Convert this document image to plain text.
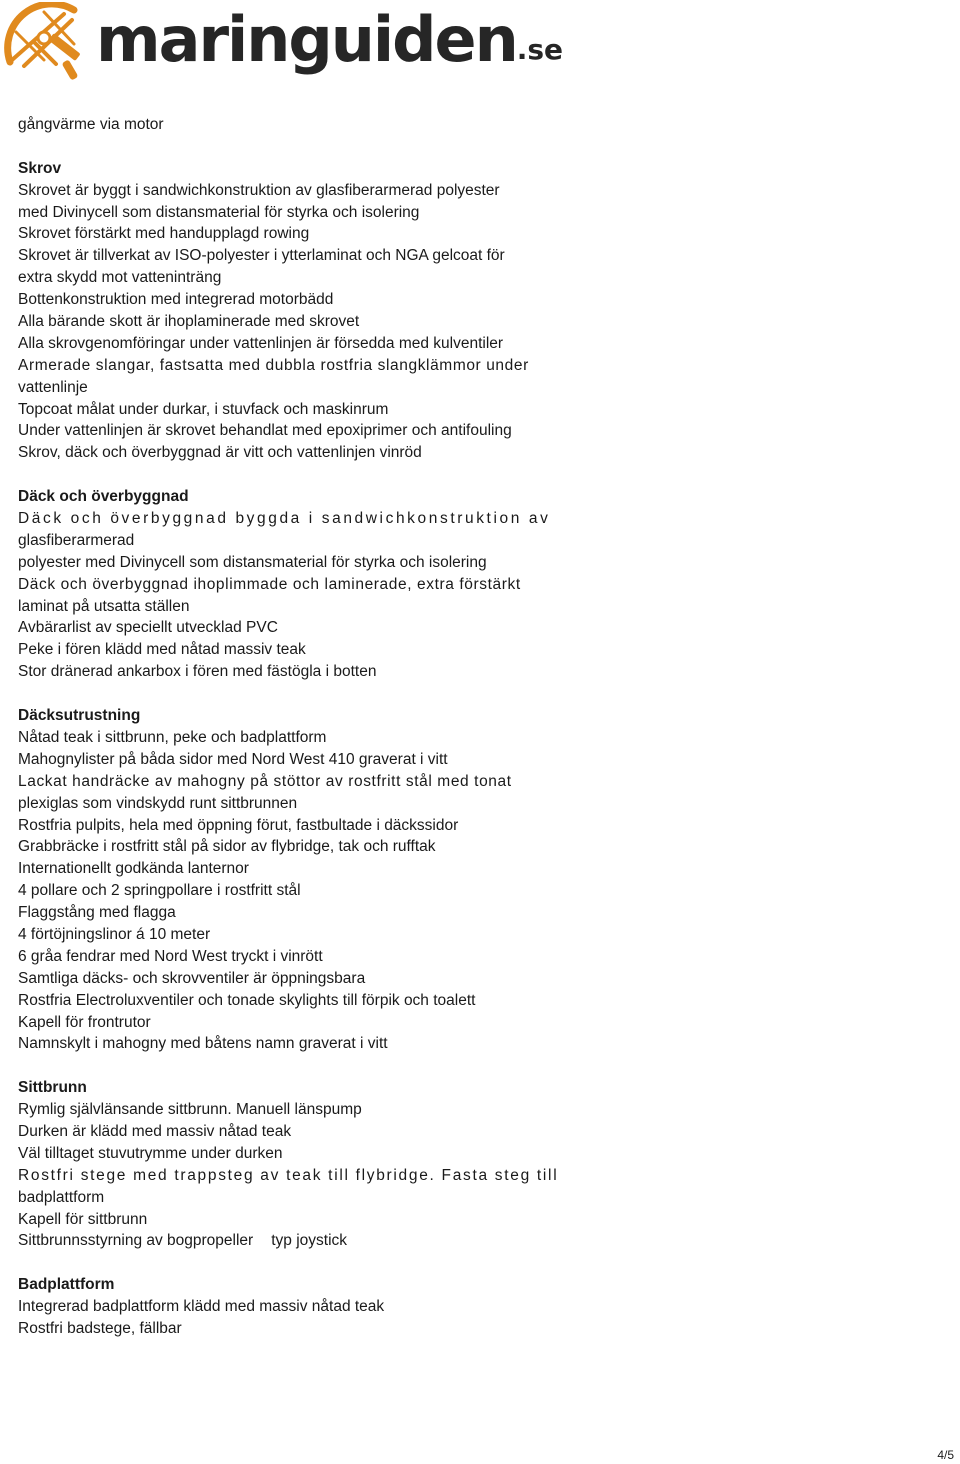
maringuiden.se
gångvärme via motor
Skrov
Skrovet är byggt i sandwichkonstruktion av glasfiberarmerad polyester
med Divinycell som distansmaterial för styrka och isolering
Skrovet förstärkt med handupplagd rowing
Skrovet är tillverkat av ISO-polyester i ytterlaminat och NGA gelcoat för
extra skydd mot vatteninträng
Bottenkonstruktion med integrerad motorbädd
Alla bärande skott är ihoplaminerade med skrovet
Alla skrovgenomföringar under vattenlinjen är försedda med kulventiler
Armerade slangar, fastsatta med dubbla rostfria slangklämmor under
vattenlinje
Topcoat målat under durkar, i stuvfack och maskinrum
Under vattenlinjen är skrovet behandlat med epoxiprimer och antifouling
Skrov, däck och överbyggnad är vitt och vattenlinjen vinröd
Däck och överbyggnad
Däck och överbyggnad byggda i sandwichkonstruktion av
glasfiberarmerad
polyester med Divinycell som distansmaterial för styrka och isolering
Däck och överbyggnad ihoplimmade och laminerade, extra förstärkt
laminat på utsatta ställen
Avbärarlist av speciellt utvecklad PVC
Peke i fören klädd med nåtad massiv teak
Stor dränerad ankarbox i fören med fästögla i botten
Däcksutrustning
Nåtad teak i sittbrunn, peke och badplattform
Mahognylister på båda sidor med Nord West 410 graverat i vitt
Lackat handräcke av mahogny på stöttor av rostfritt stål med tonat
plexiglas som vindskydd runt sittbrunnen
Rostfria pulpits, hela med öppning förut, fastbultade i däckssidor
Grabbräcke i rostfritt stål på sidor av flybridge, tak och rufftak
Internationellt godkända lanternor
4 pollare och 2 springpollare i rostfritt stål
Flaggstång med flagga
4 förtöjningslinor á 10 meter
6 gråa fendrar med Nord West tryckt i vinrött
Samtliga däcks- och skrovventiler är öppningsbara
Rostfria Electroluxventiler och tonade skylights till förpik och toalett
Kapell för frontrutor
Namnskylt i mahogny med båtens namn graverat i vitt
Sittbrunn
Rymlig självlänsande sittbrunn. Manuell länspump
Durken är klädd med massiv nåtad teak
Väl tilltaget stuvutrymme under durken
Rostfri stege med trappsteg av teak till flybridge. Fasta steg till
badplattform
Kapell för sittbrunn
Sittbrunnsstyrning av bogpropeller typ joystick
Badplattform
Integrerad badplattform klädd med massiv nåtad teak
Rostfri badstege, fällbar
4/5
